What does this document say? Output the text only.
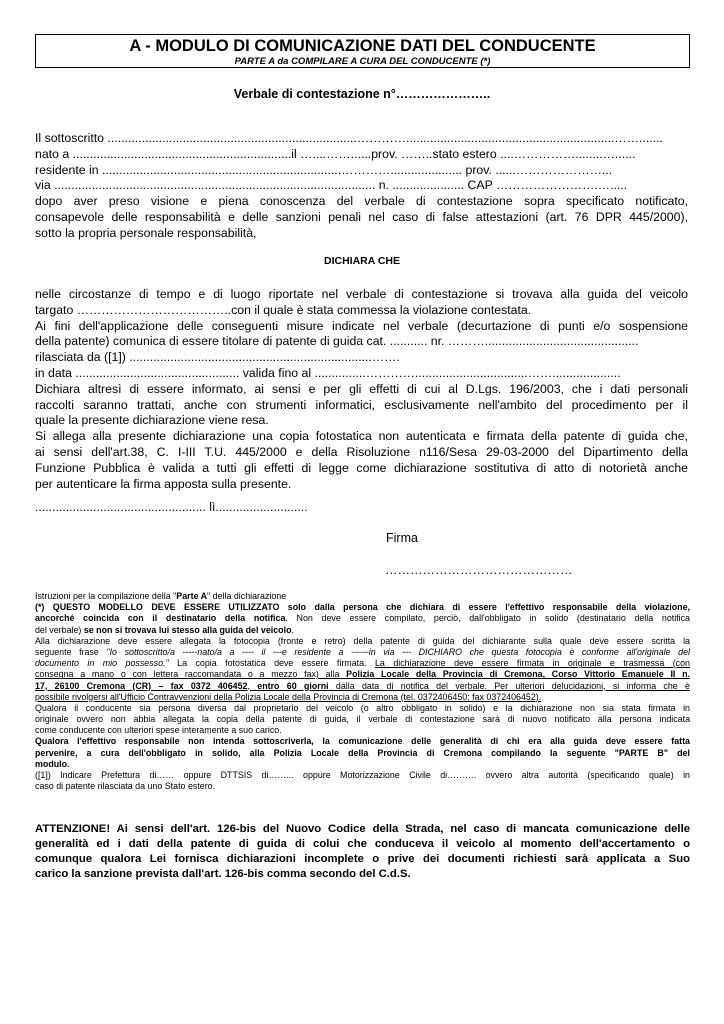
A - MODULO DI COMUNICAZIONE DATI DEL CONDUCENTE
PARTE A da COMPILARE A CURA DEL CONDUCENTE (*)
Verbale di contestazione n°…………………..
Il sottoscritto .........................................................................………….............................................................…….......
nato a ................................................................il …....……......prov. ……..stato estero ....……………........…......
residente in ......................................................................…………..................... prov. ......…………………...
via .............................................................................................. n. ..................... CAP …………………….….....
dopo aver preso visione e piena conoscenza del verbale di contestazione sopra specificato notificato,
consapevole delle responsabilità e delle sanzioni penali nel caso di false attestazioni (art. 76 DPR 445/2000),
sotto la propria personale responsabilità,
DICHIARA CHE
nelle circostanze di tempo e di luogo riportate nel verbale di contestazione si trovava alla guida del veicolo
targato ………………………………..con il quale è stata commessa la violazione contestata.
Ai fini dell'applicazione delle conseguenti misure indicate nel verbale (decurtazione di punti e/o sospensione
della patente) comunica di essere titolare di patente di guida cat. ........... nr. ……….............................................
rilasciata da ([1]) .......................................................................…….
in data ................................................ valida fino al ...............………….................................……....................
Dichiara altresì di essere informato, ai sensi e per gli effetti di cui al D.Lgs. 196/2003, che i dati personali
raccolti saranno trattati, anche con strumenti informatici, esclusivamente nell'ambito del procedimento per il
quale la presente dichiarazione viene resa.
Si allega alla presente dichiarazione una copia fotostatica non autenticata e firmata della patente di guida che,
ai sensi dell'art.38, C. I-III T.U. 445/2000 e della Risoluzione n116/Sesa 29-03-2000 del Dipartimento della
Funzione Pubblica è valida a tutti gli effetti di legge come dichiarazione sostitutiva di atto di notorietà anche
per autenticare la firma apposta sulla presente.
.................................................. lì...........................
Firma
………………………………………
Istruzioni per la compilazione della "Parte A" della dichiarazione
(*) QUESTO MODELLO DEVE ESSERE UTILIZZATO solo dalla persona che dichiara di essere l'effettivo responsabile della violazione,
ancorché coincida con il destinatario della notifica. Non deve essere compilato, perciò, dall'obbligato in solido (destinatario della notifica
del verbale) se non si trovava lui stesso alla guida del veicolo.
Alla dichiarazione deve essere allegata la fotocopia (fronte e retro) della patente di guida del dichiarante sulla quale deve essere scritta la
seguente frase "Io sottoscritto/a -----nato/a a ---- il ---e residente a ------in via --- DICHIARO che questa fotocopia è conforme all'originale del
documento in mio possesso." La copia fotostatica deve essere firmata. La dichiarazione deve essere firmata in originale e trasmessa (con
consegna a mano o con lettera raccomandata o a mezzo fax) alla Polizia Locale della Provincia di Cremona, Corso Vittorio Emanuele II n.
17, 26100 Cremona (CR) – fax 0372 406452, entro 60 giorni dalla data di notifica del verbale. Per ulteriori delucidazioni, si informa che è
possibile rivolgersi all'Ufficio Contravvenzioni della Polizia Locale della Provincia di Cremona (tel. 0372406450; fax 0372406452).
Qualora il conducente sia persona diversa dal proprietario del veicolo (o altro obbligato in solido) e la dichiarazione non sia stata firmata in
originale ovvero non abbia allegata la copia della patente di guida, il verbale di contestazione sarà di nuovo notificato alla persona indicata
come conducente con ulteriori spese interamente a suo carico.
Qualora l'effettivo responsabile non intenda sottoscriverla, la comunicazione delle generalità di chi era alla guida deve essere fatta
pervenire, a cura dell'obbligato in solido, alla Polizia Locale della Provincia di Cremona compilando la seguente "PARTE B" del
modulo.
([1]) Indicare Prefettura di…… oppure DTTSIS di……... oppure Motorizzazione Civile di………. ovvero altra autorità (specificando quale) in
caso di patente rilasciata da uno Stato estero.
ATTENZIONE! Ai sensi dell'art. 126-bis del Nuovo Codice della Strada, nel caso di mancata comunicazione delle
generalità ed i dati della patente di guida di colui che conduceva il veicolo al momento dell'accertamento o
comunque qualora Lei fornisca dichiarazioni incomplete o prive dei documenti richiesti sarà applicata a Suo
carico la sanzione prevista dall'art. 126-bis comma secondo del C.d.S.
